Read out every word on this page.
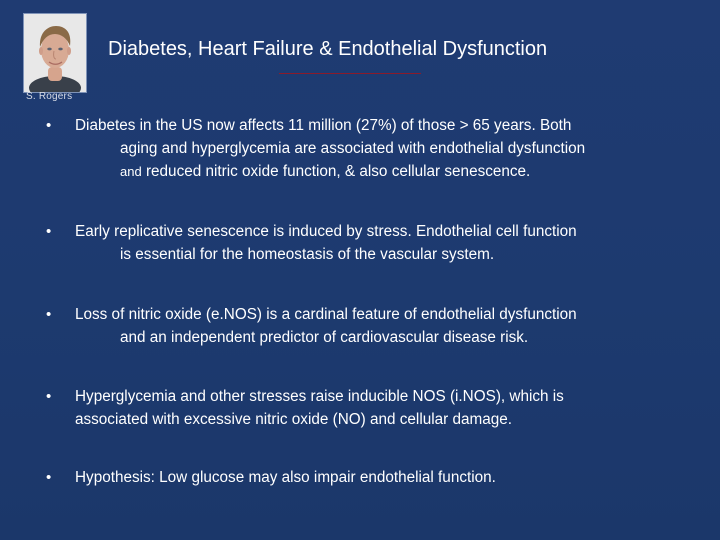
S. Rogers
Diabetes, Heart Failure & Endothelial Dysfunction
•	Diabetes in the US now affects 11 million (27%) of those > 65 years. Both
aging and hyperglycemia are associated with endothelial dysfunction
and reduced nitric oxide function, & also cellular senescence.
•	Early replicative senescence is induced by stress. Endothelial cell function
is essential for the homeostasis of the vascular system.
•	Loss of nitric oxide (e.NOS) is a cardinal feature of endothelial dysfunction
and an independent predictor of cardiovascular disease risk.
•	Hyperglycemia and other stresses raise inducible NOS (i.NOS), which is
associated with excessive nitric oxide (NO) and cellular damage.
•	Hypothesis: Low glucose may also impair endothelial function.
